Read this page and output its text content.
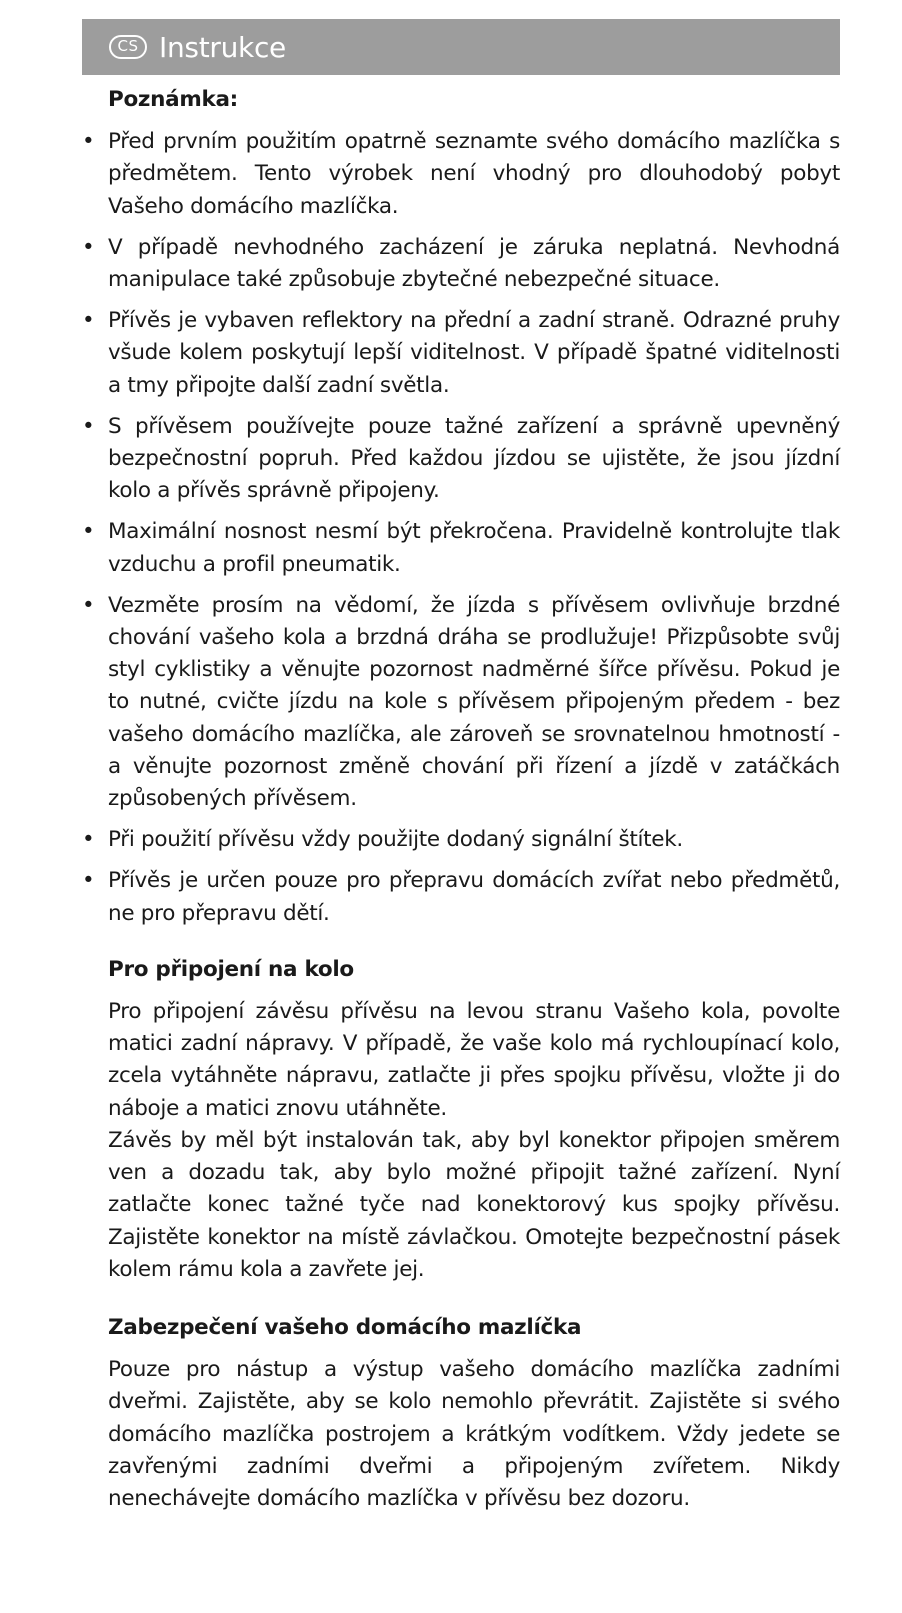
CS Instrukce

Poznámka:

• Před prvním použitím opatrně seznamte svého domácího mazlíčka s předmětem. Tento výrobek není vhodný pro dlouhodobý pobyt Vašeho domácího mazlíčka.
• V případě nevhodného zacházení je záruka neplatná. Nevhodná manipulace také způsobuje zbytečné nebezpečné situace.
• Přívěs je vybaven reflektory na přední a zadní straně. Odrazné pruhy všude kolem poskytují lepší viditelnost. V případě špatné viditelnosti a tmy připojte další zadní světla.
• S přívěsem používejte pouze tažné zařízení a správně upevněný bezpečnostní popruh. Před každou jízdou se ujistěte, že jsou jízdní kolo a přívěs správně připojeny.
• Maximální nosnost nesmí být překročena. Pravidelně kontrolujte tlak vzduchu a profil pneumatik.
• Vezměte prosím na vědomí, že jízda s přívěsem ovlivňuje brzdné chování vašeho kola a brzdná dráha se prodlužuje! Přizpůsobte svůj styl cyklistiky a věnujte pozornost nadměrné šířce přívěsu. Pokud je to nutné, cvičte jízdu na kole s přívěsem připojeným předem - bez vašeho domácího mazlíčka, ale zároveň se srovnatelnou hmotností - a věnujte pozornost změně chování při řízení a jízdě v zatáčkách způsobených přívěsem.
• Při použití přívěsu vždy použijte dodaný signální štítek.
• Přívěs je určen pouze pro přepravu domácích zvířat nebo předmětů, ne pro přepravu dětí.

Pro připojení na kolo

Pro připojení závěsu přívěsu na levou stranu Vašeho kola, povolte matici zadní nápravy. V případě, že vaše kolo má rychloupínací kolo, zcela vytáhněte nápravu, zatlačte ji přes spojku přívěsu, vložte ji do náboje a matici znovu utáhněte.

Závěs by měl být instalován tak, aby byl konektor připojen směrem ven a dozadu tak, aby bylo možné připojit tažné zařízení. Nyní zatlačte konec tažné tyče nad konektorový kus spojky přívěsu. Zajistěte konektor na místě závlačkou. Omotejte bezpečnostní pásek kolem rámu kola a zavřete jej.

Zabezpečení vašeho domácího mazlíčka

Pouze pro nástup a výstup vašeho domácího mazlíčka zadními dveřmi. Zajistěte, aby se kolo nemohlo převrátit. Zajistěte si svého domácího mazlíčka postrojem a krátkým vodítkem. Vždy jedete se zavřenými zadními dveřmi a připojeným zvířetem. Nikdy nenechávejte domácího mazlíčka v přívěsu bez dozoru.
